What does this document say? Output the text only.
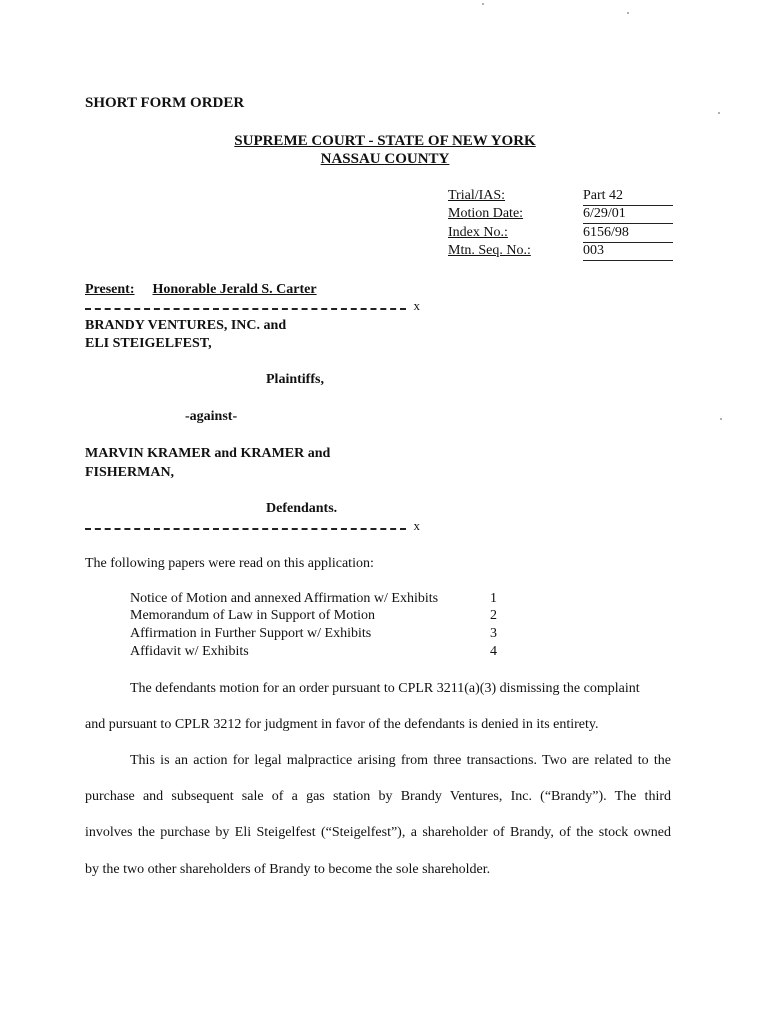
SHORT FORM ORDER
SUPREME COURT - STATE OF NEW YORK
NASSAU COUNTY
Trial/IAS:	Part 42
Motion Date:	6/29/01
Index No.:	6156/98
Mtn. Seq. No.:	003
Present: Honorable Jerald S. Carter
x
BRANDY VENTURES, INC. and
ELI STEIGELFEST,
Plaintiffs,
-against-
MARVIN KRAMER and KRAMER and
FISHERMAN,
Defendants.
x
The following papers were read on this application:
Notice of Motion and annexed Affirmation w/ Exhibits	1
Memorandum of Law in Support of Motion	2
Affirmation in Further Support w/ Exhibits	3
Affidavit w/ Exhibits	4
The defendants motion for an order pursuant to CPLR 3211(a)(3) dismissing the complaint
and pursuant to CPLR 3212 for judgment in favor of the defendants is denied in its entirety.
This is an action for legal malpractice arising from three transactions. Two are related to the
purchase and subsequent sale of a gas station by Brandy Ventures, Inc. (“Brandy”). The third
involves the purchase by Eli Steigelfest (“Steigelfest”), a shareholder of Brandy, of the stock owned
by the two other shareholders of Brandy to become the sole shareholder.
